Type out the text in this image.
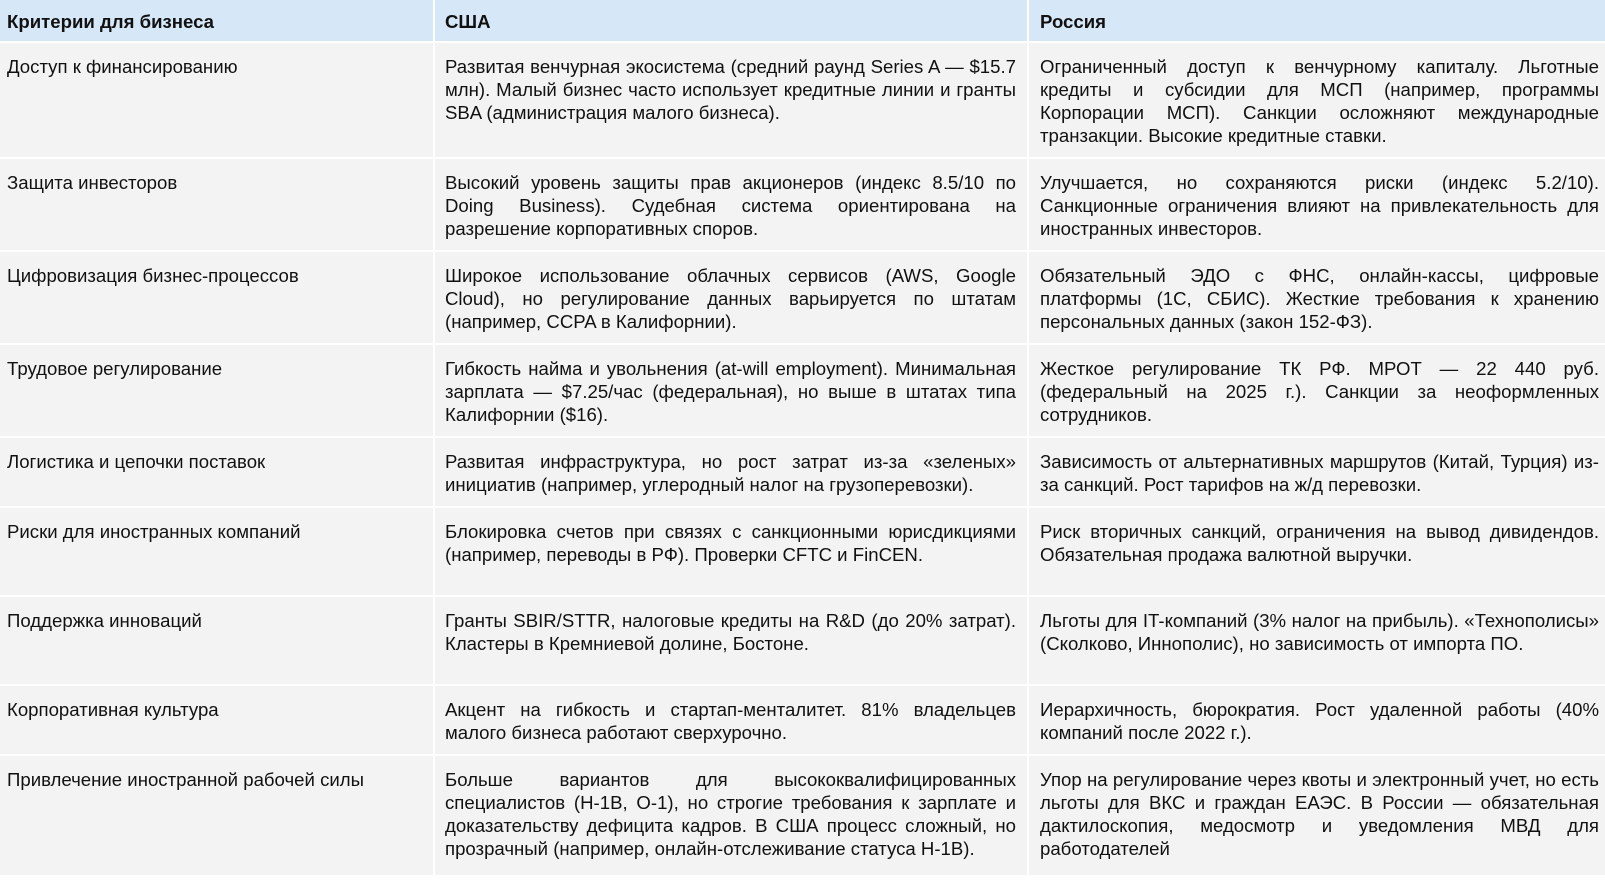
Критерии для бизнеса	США	Россия
Доступ к финансированию	Развитая венчурная экосистема (средний раунд Series A — $15.7 млн). Малый бизнес часто использует кредитные линии и гранты SBA (администрация малого бизнеса).	Ограниченный доступ к венчурному капиталу. Льготные кредиты и субсидии для МСП (например, программы Корпорации МСП). Санкции осложняют международные транзакции. Высокие кредитные ставки.
Защита инвесторов	Высокий уровень защиты прав акционеров (индекс 8.5/10 по Doing Business). Судебная система ориентирована на разрешение корпоративных споров.	Улучшается, но сохраняются риски (индекс 5.2/10). Санкционные ограничения влияют на привлекательность для иностранных инвесторов.
Цифровизация бизнес-процессов	Широкое использование облачных сервисов (AWS, Google Cloud), но регулирование данных варьируется по штатам (например, CCPA в Калифорнии).	Обязательный ЭДО с ФНС, онлайн-кассы, цифровые платформы (1С, СБИС). Жесткие требования к хранению персональных данных (закон 152-ФЗ).
Трудовое регулирование	Гибкость найма и увольнения (at-will employment). Минимальная зарплата — $7.25/час (федеральная), но выше в штатах типа Калифорнии ($16).	Жесткое регулирование ТК РФ. МРОТ — 22 440 руб. (федеральный на 2025 г.). Санкции за неоформленных сотрудников.
Логистика и цепочки поставок	Развитая инфраструктура, но рост затрат из-за «зеленых» инициатив (например, углеродный налог на грузоперевозки).	Зависимость от альтернативных маршрутов (Китай, Турция) из-за санкций. Рост тарифов на ж/д перевозки.
Риски для иностранных компаний	Блокировка счетов при связях с санкционными юрисдикциями (например, переводы в РФ). Проверки CFTC и FinCEN.	Риск вторичных санкций, ограничения на вывод дивидендов. Обязательная продажа валютной выручки.
Поддержка инноваций	Гранты SBIR/STTR, налоговые кредиты на R&D (до 20% затрат). Кластеры в Кремниевой долине, Бостоне.	Льготы для IT-компаний (3% налог на прибыль). «Технополисы» (Сколково, Иннополис), но зависимость от импорта ПО.
Корпоративная культура	Акцент на гибкость и стартап-менталитет. 81% владельцев малого бизнеса работают сверхурочно.	Иерархичность, бюрократия. Рост удаленной работы (40% компаний после 2022 г.).
Привлечение иностранной рабочей силы	Больше вариантов для высококвалифицированных специалистов (H-1B, O-1), но строгие требования к зарплате и доказательству дефицита кадров. В США процесс сложный, но прозрачный (например, онлайн-отслеживание статуса H-1B).	Упор на регулирование через квоты и электронный учет, но есть льготы для ВКС и граждан ЕАЭС. В России — обязательная дактилоскопия, медосмотр и уведомления МВД для работодателей
